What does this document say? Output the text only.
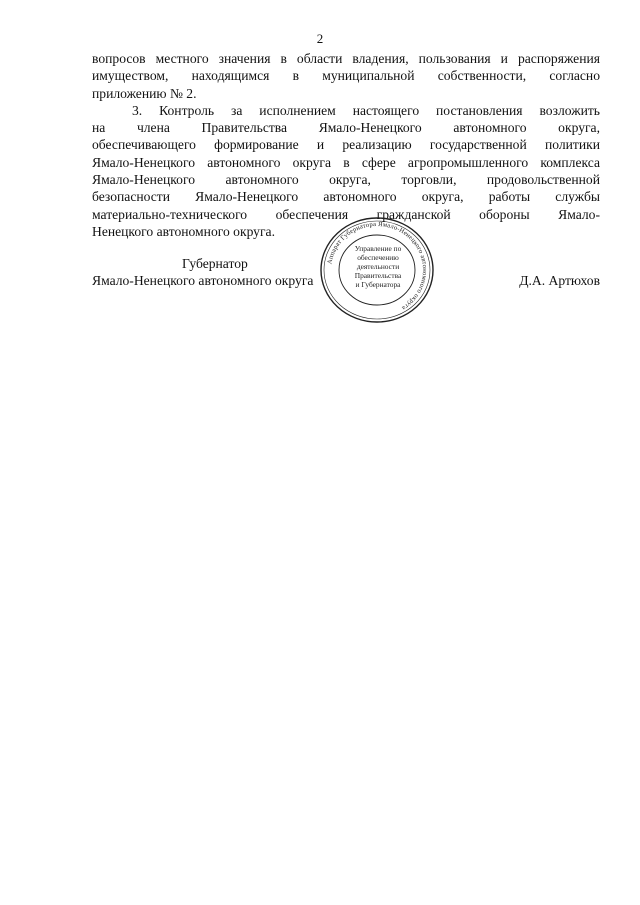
2
вопросов местного значения в области владения, пользования и распоряжения
имуществом, находящимся в муниципальной собственности, согласно
приложению № 2.
3. Контроль за исполнением настоящего постановления возложить
на члена Правительства Ямало-Ненецкого автономного округа,
обеспечивающего формирование и реализацию государственной политики
Ямало-Ненецкого автономного округа в сфере агропромышленного комплекса
Ямало-Ненецкого автономного округа, торговли, продовольственной
безопасности Ямало-Ненецкого автономного округа, работы службы
материально-технического обеспечения гражданской обороны Ямало-
Ненецкого автономного округа.
Губернатор
Ямало-Ненецкого автономного округа	Д.А. Артюхов
Аппарат Губернатора Ямало-Ненецкого автономного округа
Управление по
обеспечению
деятельности
Правительства
и Губернатора
